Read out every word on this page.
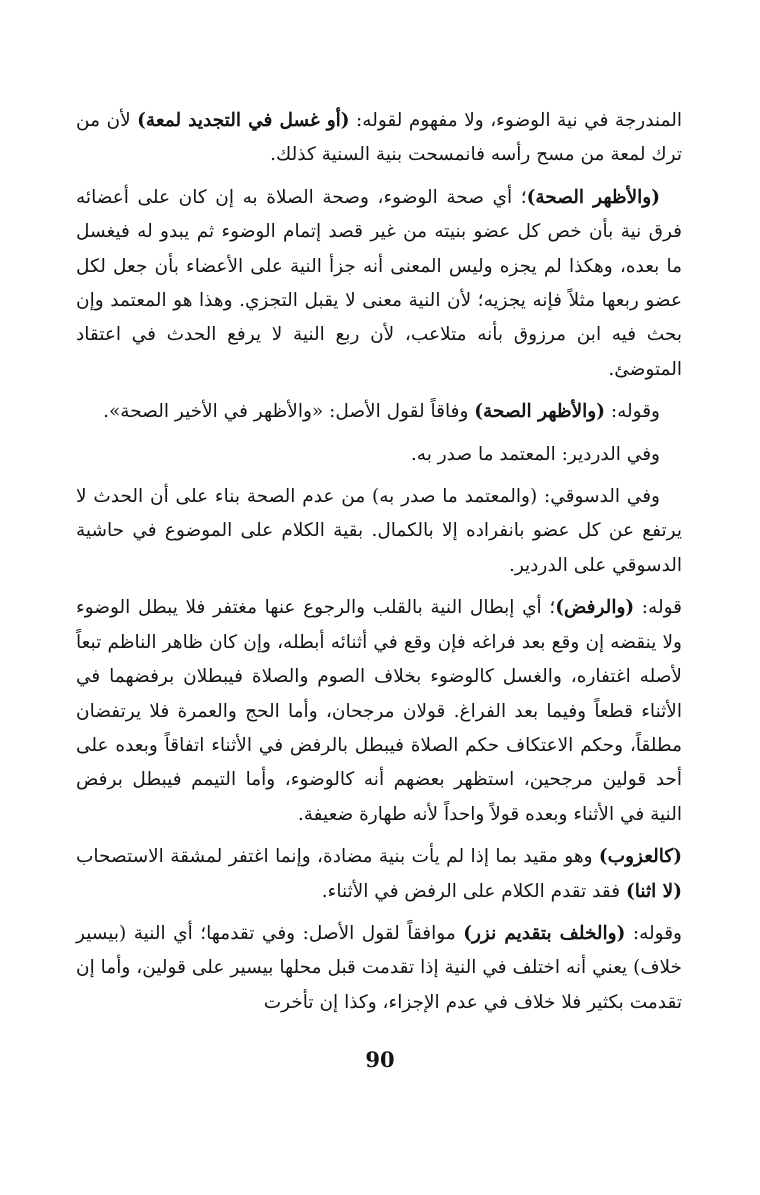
المندرجة في نية الوضوء، ولا مفهوم لقوله: (أو غسل في التجديد لمعة) لأن من ترك لمعة من مسح رأسه فانمسحت بنية السنية كذلك.

(والأظهر الصحة)؛ أي صحة الوضوء، وصحة الصلاة به إن كان على أعضائه فرق نية بأن خص كل عضو بنيته من غير قصد إتمام الوضوء ثم يبدو له فيغسل ما بعده، وهكذا لم يجزه وليس المعنى أنه جزأ النية على الأعضاء بأن جعل لكل عضو ربعها مثلاً فإنه يجزيه؛ لأن النية معنى لا يقبل التجزي. وهذا هو المعتمد وإن بحث فيه ابن مرزوق بأنه متلاعب، لأن ربع النية لا يرفع الحدث في اعتقاد المتوضئ.

وقوله: (والأظهر الصحة) وفاقاً لقول الأصل: «والأظهر في الأخير الصحة».

وفي الدردير: المعتمد ما صدر به.

وفي الدسوقي: (والمعتمد ما صدر به) من عدم الصحة بناء على أن الحدث لا يرتفع عن كل عضو بانفراده إلا بالكمال. بقية الكلام على الموضوع في حاشية الدسوقي على الدردير.

قوله: (والرفض)؛ أي إبطال النية بالقلب والرجوع عنها مغتفر فلا يبطل الوضوء ولا ينقضه إن وقع بعد فراغه فإن وقع في أثنائه أبطله، وإن كان ظاهر الناظم تبعاً لأصله اغتفاره، والغسل كالوضوء بخلاف الصوم والصلاة فيبطلان برفضهما في الأثناء قطعاً وفيما بعد الفراغ. قولان مرجحان، وأما الحج والعمرة فلا يرتفضان مطلقاً، وحكم الاعتكاف حكم الصلاة فيبطل بالرفض في الأثناء اتفاقاً وبعده على أحد قولين مرجحين، استظهر بعضهم أنه كالوضوء، وأما التيمم فيبطل برفض النية في الأثناء وبعده قولاً واحداً لأنه طهارة ضعيفة.

(كالعزوب) وهو مقيد بما إذا لم يأت بنية مضادة، وإنما اغتفر لمشقة الاستصحاب (لا اثنا) فقد تقدم الكلام على الرفض في الأثناء.

وقوله: (والخلف بتقديم نزر) موافقاً لقول الأصل: وفي تقدمها؛ أي النية (بيسير خلاف) يعني أنه اختلف في النية إذا تقدمت قبل محلها بيسير على قولين، وأما إن تقدمت بكثير فلا خلاف في عدم الإجزاء، وكذا إن تأخرت

90
